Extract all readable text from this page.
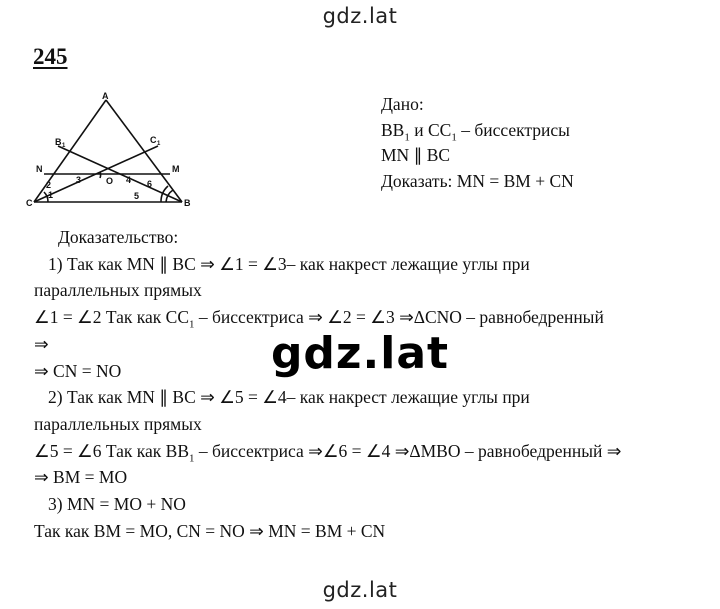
gdz.lat
245
A
C	B
B 1
C 1
N	M
O
1
2	3	4
5
6
Дано:
$BB_1$ и $CC_1$ – биссектрисы
MN ∥ BC
Доказать: MN = BM + CN
Доказательство:
1) Так как MN ∥ BC ⇒ ∠1 = ∠3– как накрест лежащие углы при
параллельных прямых
∠1 = ∠2 Так как $CC_1$ – биссектриса ⇒ ∠2 = ∠3 ⇒ΔCNO – равнобедренный
⇒
⇒ CN = NO
2) Так как MN ∥ BC ⇒ ∠5 = ∠4– как накрест лежащие углы при
параллельных прямых
∠5 = ∠6 Так как $BB_1$ – биссектриса ⇒∠6 = ∠4 ⇒ΔMBO – равнобедренный ⇒
⇒ BM = MO
3) MN = MO + NO
Так как BM = MO, CN = NO ⇒ MN = BM + CN
gdz.lat
gdz.lat
